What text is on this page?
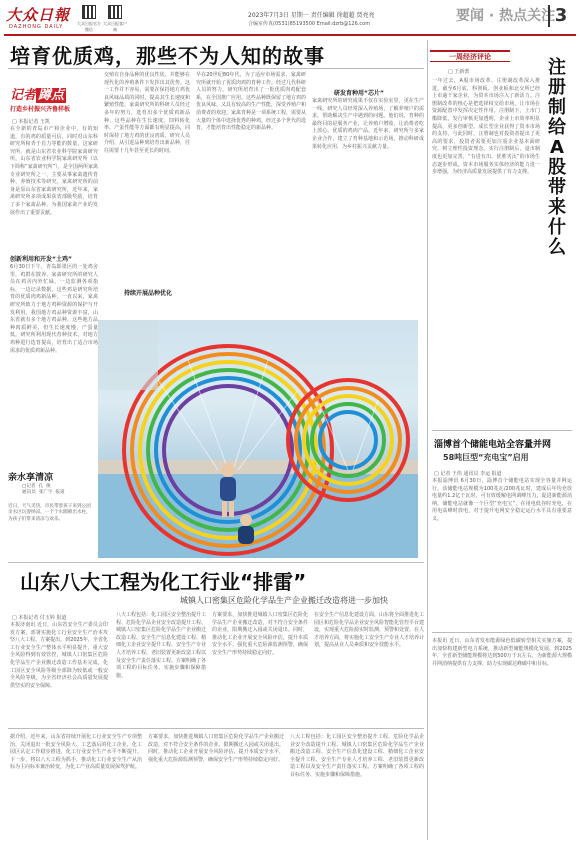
大众日報
DAZHONG DAILY
大众日报官方微信
大众日报客户端
2023年7月3日 星期一 责任编辑 徐超超 贾亮亮
合编室传真(0531)85193500 Email:dzrb@126.com	要闻 · 热点关注 3
培育优质鸡，那些不为人知的故事
记者 蹲点
打造乡村振兴齐鲁样板
□ 本报记者 王凯
在全新的青岛市产和企业中，有的知道，有的鸡的质量可信，同时对山东科研究所和青于肖力等能的数量，这家研究所，就是山东省农业科学院家禽研究所。山东省农业科学院家禽研究所（以下简称“家禽研究所”），是全国两所家禽专业研究所之一，主要从事家禽遗传育种、养殖技术等研究。家禽研究所的前身是原山东省家禽研究所，近年来，家禽研究所多项成果获省部级奖励，培育了多个家禽品种，为我国家禽产业的发展作出了重要贡献。
创新利用和开发“土鸡”
6月30日下午，青岛即墨区的一处鸡舍里，鸡群在散养。家禽研究所的研究人员在鸡舍内外忙碌，一边监测各项指标，一边记录数据。这些鸡是研究所培育的优质肉鸡新品种。一直以来，家禽研究所致力于地方鸡种资源的保护与开发利用。我国地方鸡品种资源丰富，山东省就有多个地方鸡品种，这些地方品种肉质鲜美，但生长速度慢，产蛋量低。研究所利用现代育种技术，对地方鸡种进行选育提高，培育出了适合市场需求的优质鸡新品种。
交殖有自身品种的优良性状，并能够在现代化的养殖条件下发挥出其优势。这一工作并不容易，需要在保持地方鸡优良风味品质的同时，提高其生长速度和繁殖性能。家禽研究所的科研人员经过多年的努力，选育出多个优质鸡新品种，这些品种在生长速度、饲料转化率、产蛋性能等方面都有明显提高，同时保持了地方鸡的优良肉质。研究人员介绍，从引进品种到培育出新品种，往往需要十几年甚至更长的时间。
持续开展品种优化
早在20世纪80年代，为了适应市场需求，家禽研究所就开始了优质肉鸡的育种工作。经过几代科研人员的努力，研究所培育出了一批优质肉鸡配套系，在全国推广应用。这些品种既保留了地方鸡的优良风味，又具有较高的生产性能，深受养殖户和消费者的欢迎。家禽育种是一项系统工程，需要从大量的个体中选择优秀的种鸡，经过多个世代的选育，才能培育出性能稳定的新品种。
研发育种用“芯片”
家禽研究所的研究成果不仅在实验室里，更在生产一线。研究人员经常深入养殖场，了解养殖户的需求，帮助解决生产中遇到的问题。他们说，育种的最终目的是服务产业，让养殖户增收，让消费者吃上放心、优质的鸡肉产品。近年来，研究所与多家企业合作，建立了育种基地和示范场，推动科研成果转化应用，为乡村振兴贡献力量。
亲水享清凉
□记者  孔  俊
通讯员  张广宇  报道
近日，天气炎热，市民带着孩子来到公园亲水区玩耍纳凉。一个个水圈喷出水柱，为孩子们带来清凉与欢乐。
山东八大工程为化工行业“排雷”
城镇人口密集区危险化学品生产企业搬迁改造将进一步加快
□ 本报记者 付玉婷 报道
本报济南讯 近日，山东省安全生产委员会印发方案，部署实施化工行业安全生产治本攻坚八大工程。方案提出，到2025年，全省化工行业安全生产整体水平明显提升，重大安全风险得到有效管控，城镇人口密集区危险化学品生产企业搬迁改造工作基本完成，化工园区安全风险等级全部降为较低或一般安全风险等级，为全省经济社会高质量发展提供坚实的安全保障。
八大工程包括：化工园区安全整治提升工程、危险化学品企业安全改造提升工程、城镇人口密集区危险化学品生产企业搬迁改造工程、安全生产信息化建设工程、精细化工企业安全提升工程、安全生产专业人才培养工程、老旧装置更新改造工程以及安全生产责任落实工程。方案明确了各项工程的目标任务、实施步骤和保障措施。
方案要求，加快推进城镇人口密集区危险化学品生产企业搬迁改造，对不符合安全条件的企业，限期搬迁入园或关闭退出。同时，推动化工企业开展安全风险评估，提升本质安全水平，强化重大危险源监测预警，确保安全生产形势持续稳定向好。
在安全生产信息化建设方面，山东将全面推进化工园区和危险化学品企业安全风险智能化管控平台建设，实现重大危险源实时监测、预警和处置。在人才培养方面，将实施化工安全生产专业人才培养计划，提高从业人员素质和安全技能水平。
据介绍，近年来，山东省持续开展化工行业安全生产专项整治，关闭退出一批安全风险大、工艺落后的化工企业，化工园区认定工作稳步推进，化工行业安全生产水平不断提升。下一步，将以八大工程为抓手，推动化工行业安全生产从治标为主向标本兼治转变，为化工产业高质量发展保驾护航。
方案要求，加快推进城镇人口密集区危险化学品生产企业搬迁改造，对不符合安全条件的企业，限期搬迁入园或关闭退出。同时，推动化工企业开展安全风险评估，提升本质安全水平，强化重大危险源监测预警，确保安全生产形势持续稳定向好。
八大工程包括：化工园区安全整治提升工程、危险化学品企业安全改造提升工程、城镇人口密集区危险化学品生产企业搬迁改造工程、安全生产信息化建设工程、精细化工企业安全提升工程、安全生产专业人才培养工程、老旧装置更新改造工程以及安全生产责任落实工程。方案明确了各项工程的目标任务、实施步骤和保障措施。
一周经济评论	注册制给A股带来什么
□ 王新蕾
一年过去，A股市场改革、注册制改革深入推进，截至6月底，科创板、创业板和北交所已经上市逾千家企业，为资本市场注入了新活力。注册制改革的核心是把选择权交给市场，让市场在资源配置中发挥决定性作用。注册制下，上市门槛降低，发行审核更加透明，企业上市效率明显提高，更多创新型、成长型企业获得了资本市场的支持。与此同时，注册制也对投资者提出了更高的要求，投资者需要更加注重企业基本面研究，树立理性投资理念。实行注册制后，退市制度也更加完善，“有进有出、优胜劣汰”的市场生态逐步形成。资本市场服务实体经济的能力进一步增强，为经济高质量发展提供了有力支撑。
淄博首个储能电站全容量并网
58吨巨型“充电宝”启用
□ 记者 王伟 通讯员 李运 报道
本报淄博讯 6月30日，淄博首个储能电站实现全容量并网运行。该储能电站规模为100兆瓦/200兆瓦时，建成后年均充放电量约1.2亿千瓦时，可有效缓解电网调峰压力，促进新能源消纳。储能电站就像一个巨型“充电宝”，在用电低谷时充电，在用电高峰时放电，对于提升电网安全稳定运行水平具有重要意义。
本报讯 近日，山东省发布能源绿色低碳转型相关实施方案，提出加快构建新型电力系统，推动新型储能规模化发展。到2025年，全省新型储能规模将达到500万千瓦左右，为新能源大规模并网消纳提供有力支撑，助力实现碳达峰碳中和目标。
